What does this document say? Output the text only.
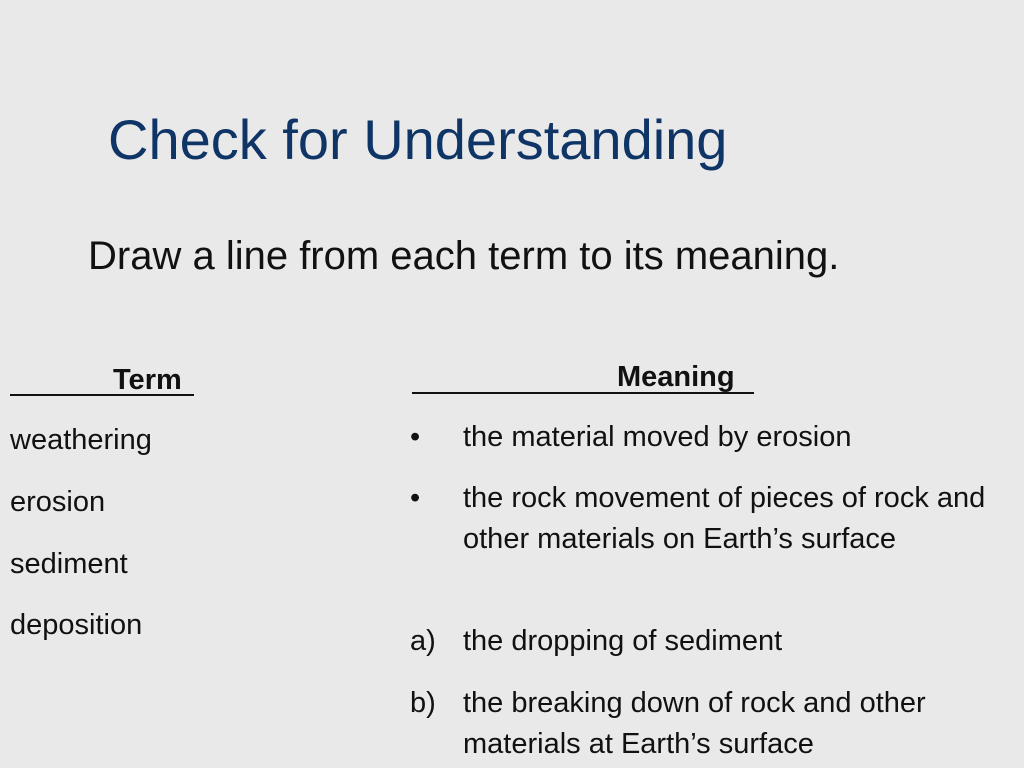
Check for Understanding
Draw a line from each term to its meaning.
Term
weathering
erosion
sediment
deposition
Meaning
•	the material moved by erosion
•	the rock movement of pieces of rock and other materials on Earth’s surface
a) the dropping of sediment
b) the breaking down of rock and other materials at Earth’s surface
